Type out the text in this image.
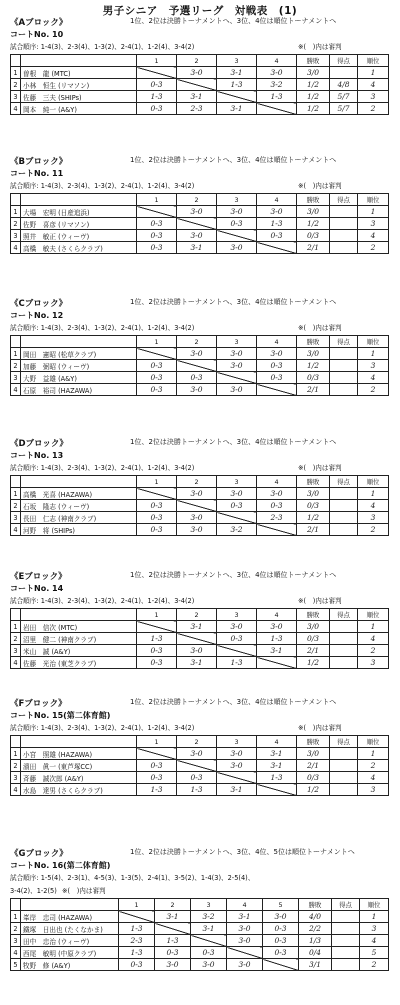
男子シニア　予選リーグ　対戦表　(1)
《Aブロック》	1位、2位は決勝トーナメントへ、3位、4位は順位トーナメントへ
コートNo. 10
試合順序: 1-4(3)、2-3(4)、1-3(2)、2-4(1)、1-2(4)、3-4(2)	※(　)内は審判
		1	2	3	4	勝敗	得点	順位
1	曽根　龍 (MTC)		3-0	3-1	3-0	3/0		1
2	小林　恒生 (リマソン)	0-3		1-3	3-2	1/2	4/8	4
3	佐藤　三夫 (SHIPs)	1-3	3-1		1-3	1/2	5/7	3
4	岡本　純一 (A&Y)	0-3	2-3	3-1		1/2	5/7	2
《Bブロック》	1位、2位は決勝トーナメントへ、3位、4位は順位トーナメントへ
コートNo. 11
試合順序: 1-4(3)、2-3(4)、1-3(2)、2-4(1)、1-2(4)、3-4(2)	※(　)内は審判
		1	2	3	4	勝敗	得点	順位
1	大場　宏明 (日産追浜)		3-0	3-0	3-0	3/0		1
2	佐野　喜彦 (リマソン)	0-3		0-3	1-3	1/2		3
3	照井　敏正 (ウィーヴ)	0-3	3-0		0-3	0/3		4
4	高橋　敏夫 (さくらクラブ)	0-3	3-1	3-0		2/1		2
《Cブロック》	1位、2位は決勝トーナメントへ、3位、4位は順位トーナメントへ
コートNo. 12
試合順序: 1-4(3)、2-3(4)、1-3(2)、2-4(1)、1-2(4)、3-4(2)	※(　)内は審判
		1	2	3	4	勝敗	得点	順位
1	岡田　憲昭 (松草クラブ)		3-0	3-0	3-0	3/0		1
2	加藤　弼昭 (ウィーヴ)	0-3		3-0	0-3	1/2		3
3	大野　益雄 (A&Y)	0-3	0-3		0-3	0/3		4
4	石原　裕司 (HAZAWA)	0-3	3-0	3-0		2/1		2
《Dブロック》	1位、2位は決勝トーナメントへ、3位、4位は順位トーナメントへ
コートNo. 13
試合順序: 1-4(3)、2-3(4)、1-3(2)、2-4(1)、1-2(4)、3-4(2)	※(　)内は審判
		1	2	3	4	勝敗	得点	順位
1	高橋　光喜 (HAZAWA)		3-0	3-0	3-0	3/0		1
2	石坂　隆志 (ウィーヴ)	0-3		0-3	0-3	0/3		4
3	長田　仁志 (神南クラブ)	0-3	3-0		2-3	1/2		3
4	河野　将 (SHIPs)	0-3	3-0	3-2		2/1		2
《Eブロック》	1位、2位は決勝トーナメントへ、3位、4位は順位トーナメントへ
コートNo. 14
試合順序: 1-4(3)、2-3(4)、1-3(2)、2-4(1)、1-2(4)、3-4(2)	※(　)内は審判
		1	2	3	4	勝敗	得点	順位
1	岩田　信次 (MTC)		3-1	3-0	3-0	3/0		1
2	沼里　健二 (神南クラブ)	1-3		0-3	1-3	0/3		4
3	米山　誠 (A&Y)	0-3	3-0		3-1	2/1		2
4	佐藤　光治 (東芝クラブ)	0-3	3-1	1-3		1/2		3
《Fブロック》	1位、2位は決勝トーナメントへ、3位、4位は順位トーナメントへ
コートNo. 15(第二体育館)
試合順序: 1-4(3)、2-3(4)、1-3(2)、2-4(1)、1-2(4)、3-4(2)	※(　)内は審判
		1	2	3	4	勝敗	得点	順位
1	小宮　照雄 (HAZAWA)		3-0	3-0	3-1	3/0		1
2	濱田　眞一 (東芦塚CC)	0-3		3-0	3-1	2/1		2
3	斉藤　誠次郎 (A&Y)	0-3	0-3		1-3	0/3		4
4	水島　達男 (さくらクラブ)	1-3	1-3	3-1		1/2		3
《Gブロック》	1位、2位は決勝トーナメントへ、3位、4位、5位は順位トーナメントへ
コートNo. 16(第二体育館)
試合順序: 1-5(4)、2-3(1)、4-5(3)、1-3(5)、2-4(1)、3-5(2)、1-4(3)、2-5(4)、
3-4(2)、1-2(5) ※(　)内は審判
		1	2	3	4	5	勝敗	得点	順位
1	峯岸　忠司 (HAZAWA)		3-1	3-2	3-1	3-0	4/0		1
2	鐵塚　日出也 (たくなかま)	1-3		3-1	3-0	0-3	2/2		3
3	田中　忠治 (ウィーヴ)	2-3	1-3		3-0	0-3	1/3		4
4	西尾　敏明 (中原クラブ)	1-3	0-3	0-3		0-3	0/4		5
5	牧野　修 (A&Y)	0-3	3-0	3-0	3-0		3/1		2
